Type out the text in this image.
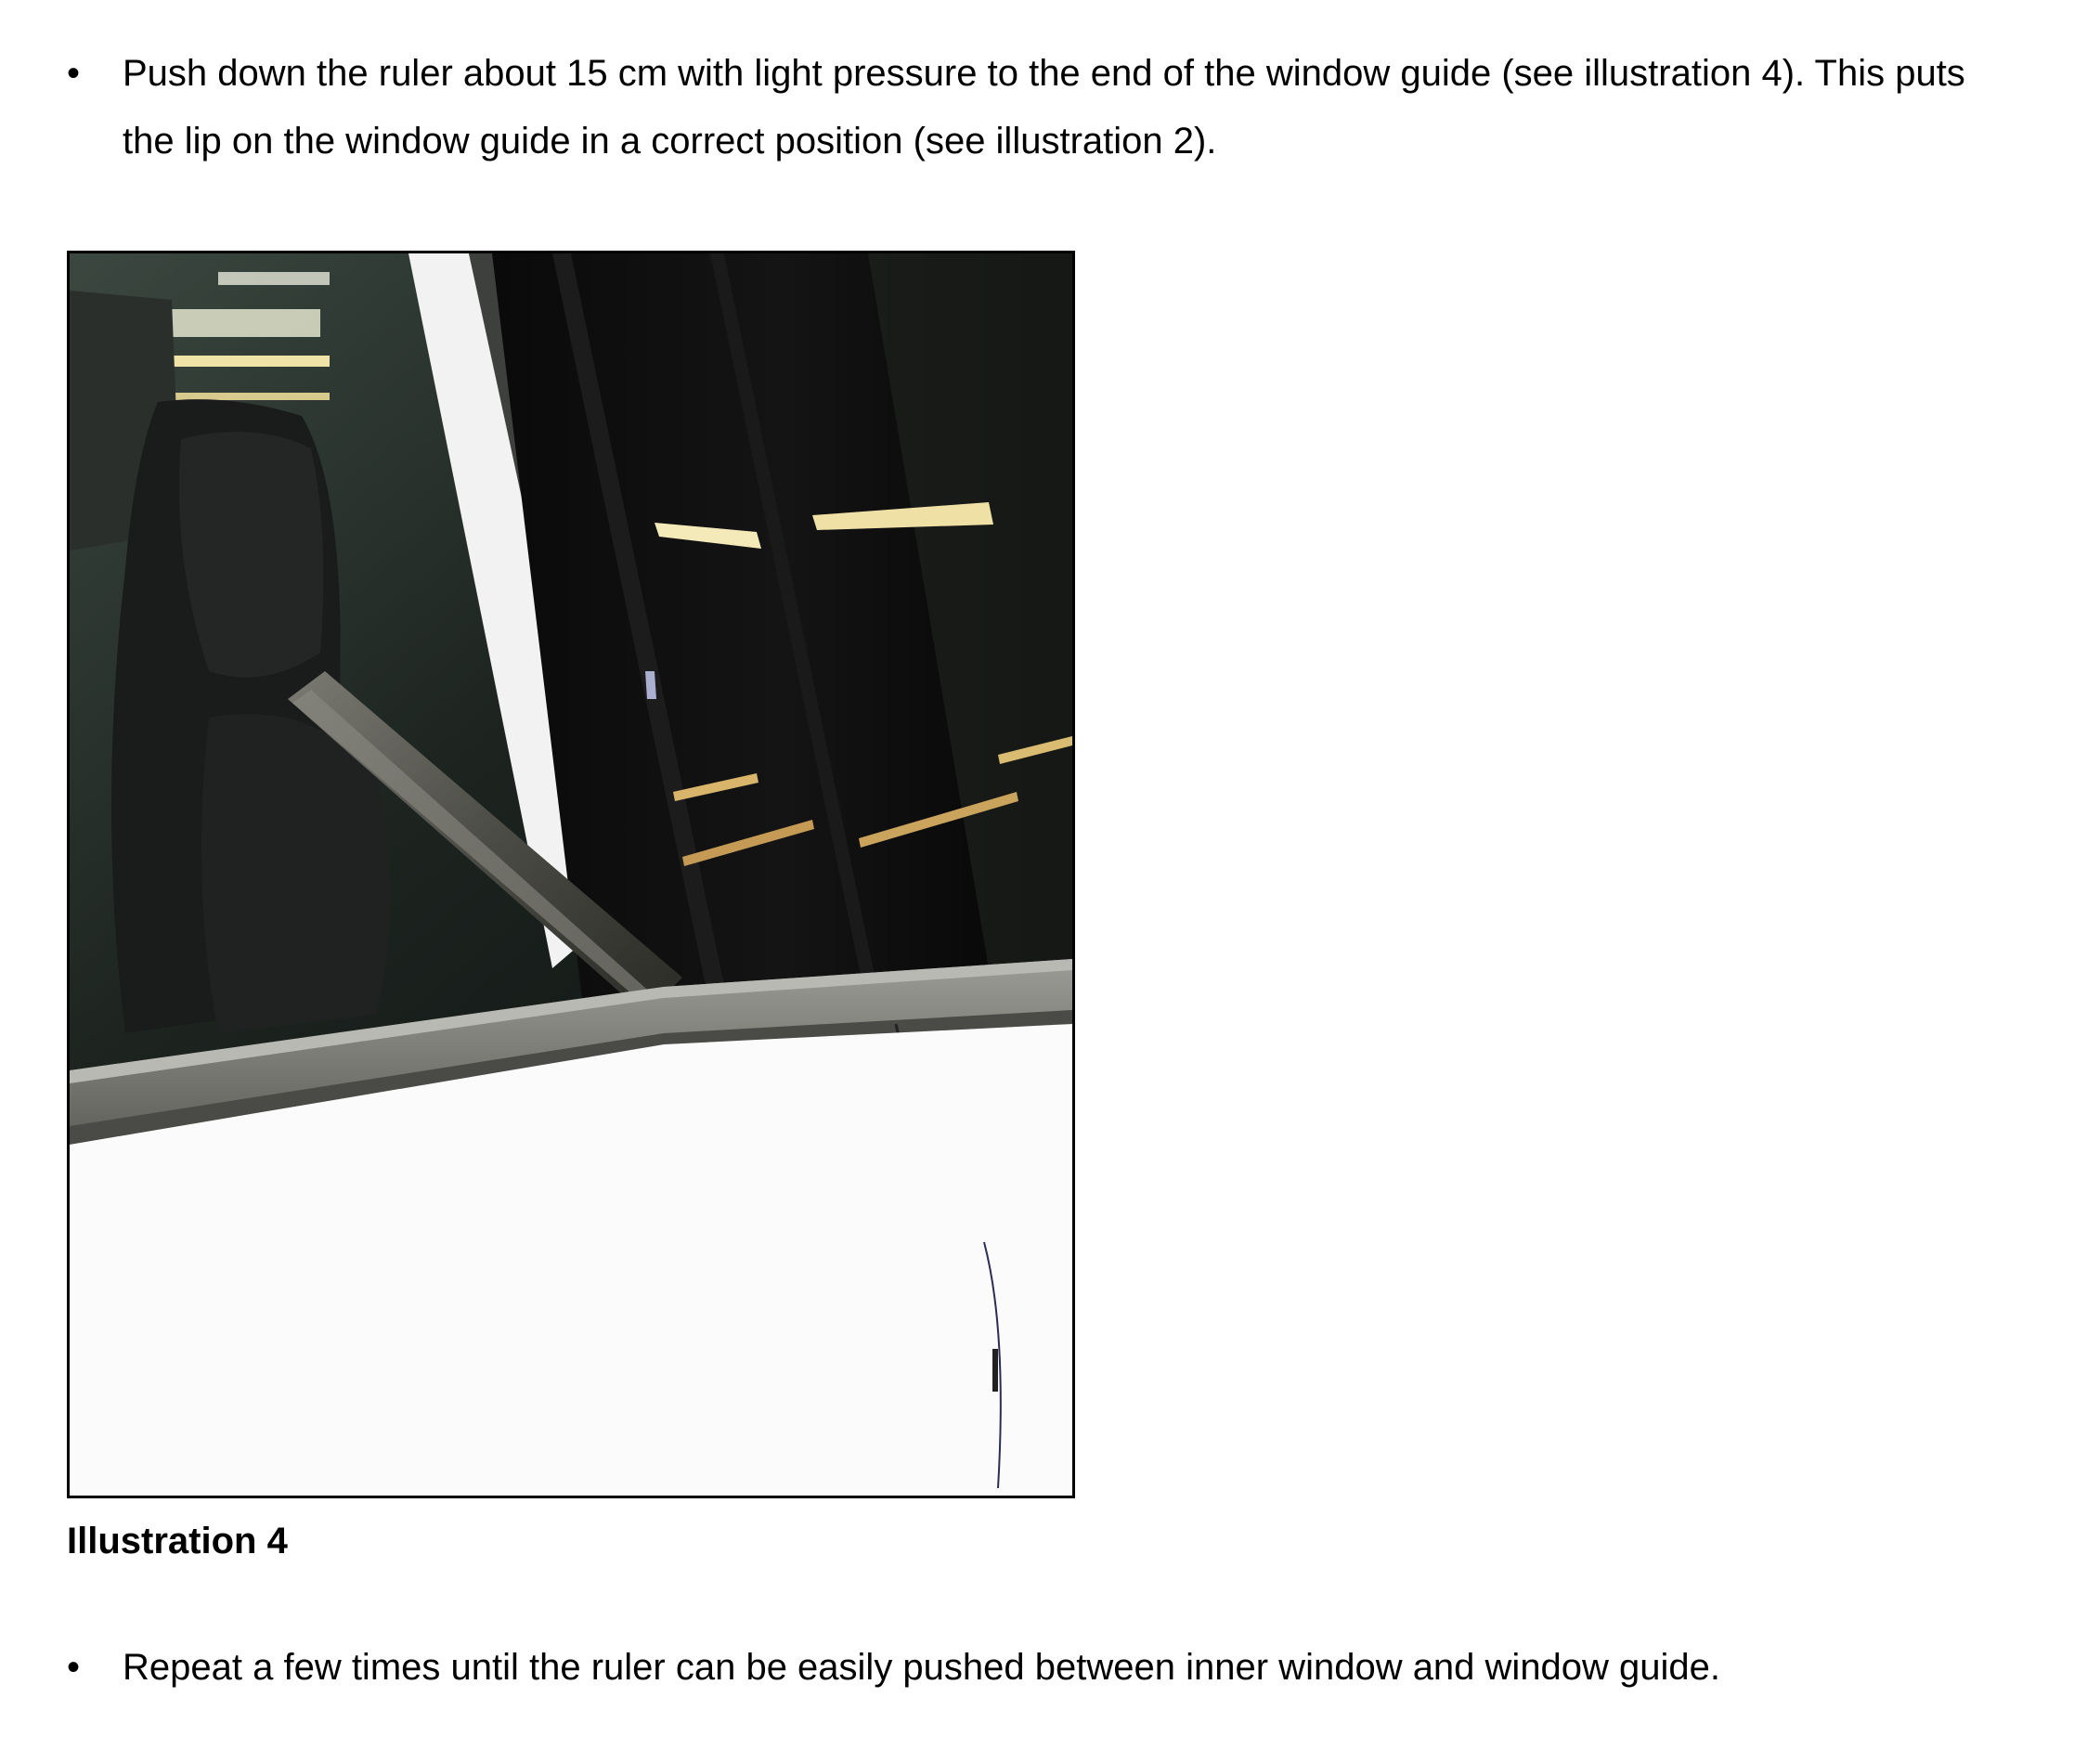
•	Push down the ruler about 15 cm with light pressure to the end of the window guide (see illustration 4). This puts the lip on the window guide in a correct position (see illustration 2).
Illustration 4
•	Repeat a few times until the ruler can be easily pushed between inner window and window guide.
